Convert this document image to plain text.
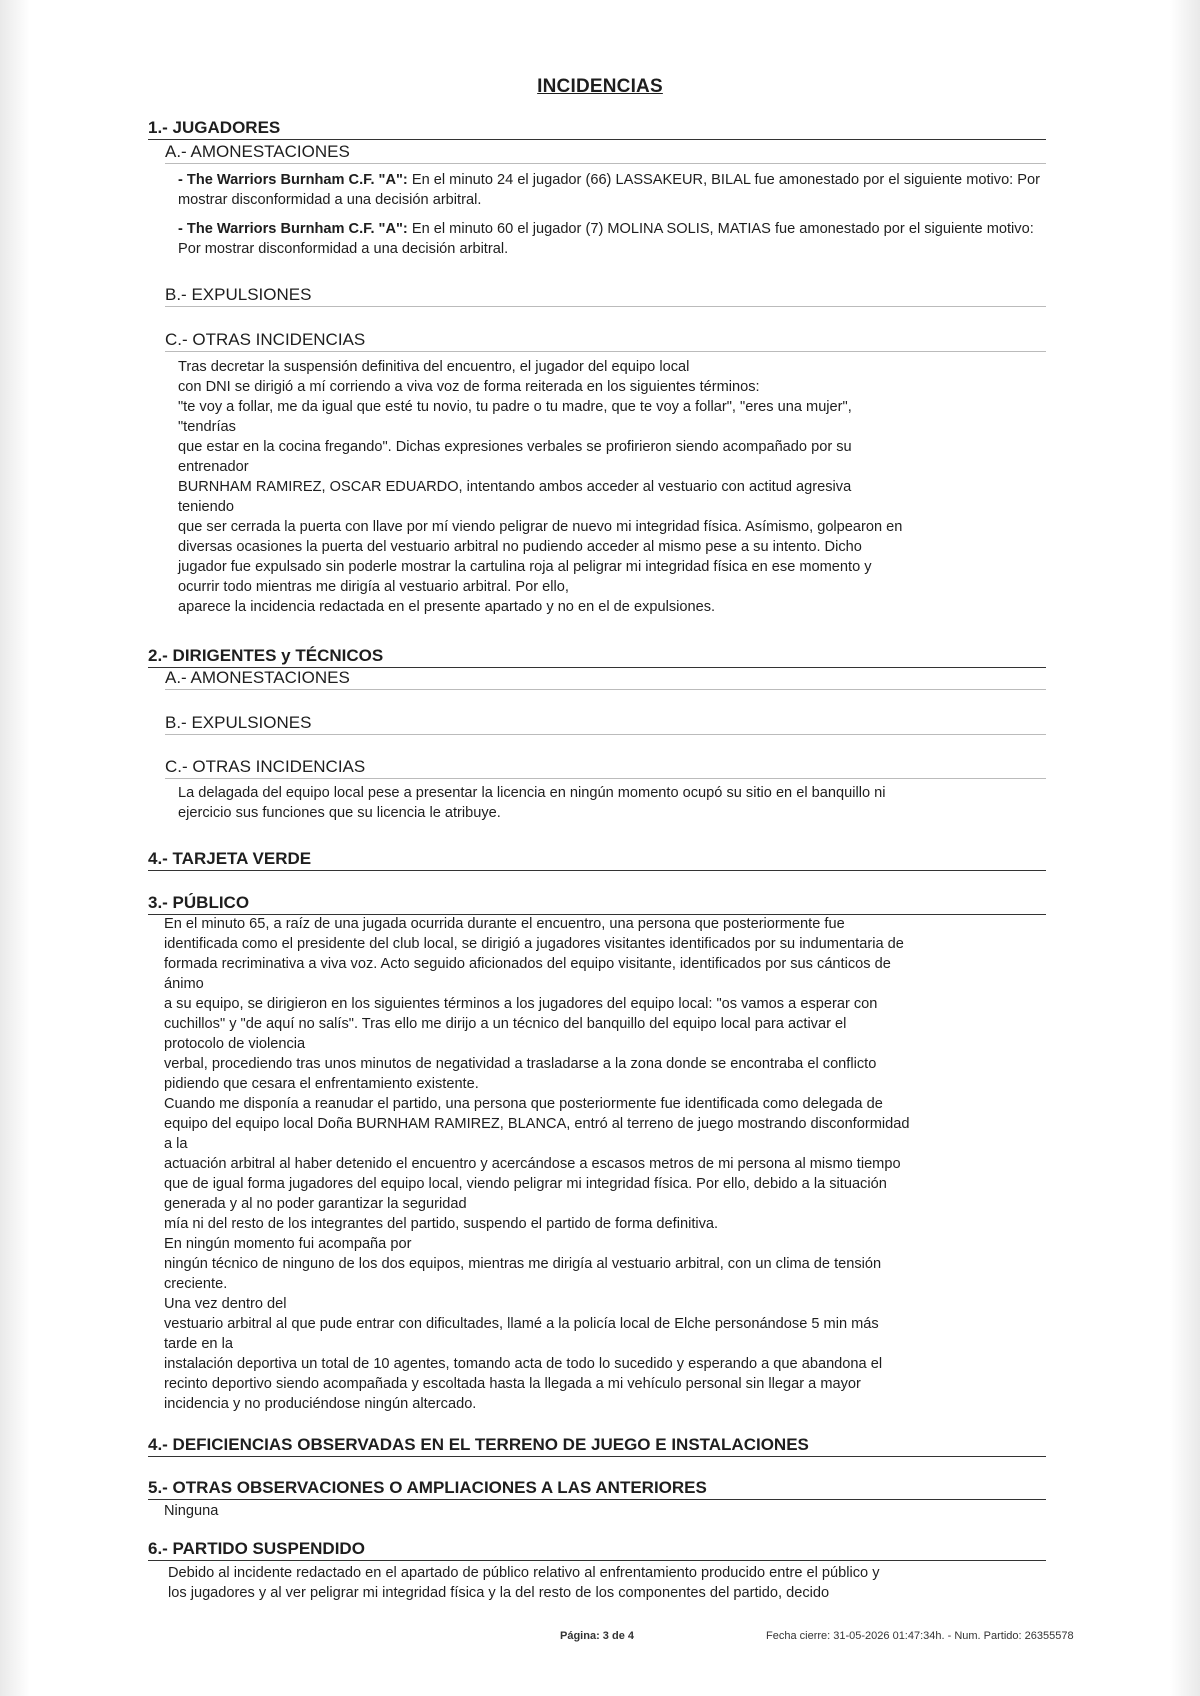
INCIDENCIAS
1.- JUGADORES
A.- AMONESTACIONES
- The Warriors Burnham C.F. "A": En el minuto 24 el jugador (66) LASSAKEUR, BILAL fue amonestado por el siguiente motivo: Por mostrar disconformidad a una decisión arbitral.
- The Warriors Burnham C.F. "A": En el minuto 60 el jugador (7) MOLINA SOLIS, MATIAS fue amonestado por el siguiente motivo: Por mostrar disconformidad a una decisión arbitral.
B.- EXPULSIONES
C.- OTRAS INCIDENCIAS
Tras decretar la suspensión definitiva del encuentro, el jugador del equipo local
con DNI se dirigió a mí corriendo a viva voz de forma reiterada en los siguientes términos:
"te voy a follar, me da igual que esté tu novio, tu padre o tu madre, que te voy a follar", "eres una mujer",
"tendrías
que estar en la cocina fregando". Dichas expresiones verbales se profirieron siendo acompañado por su
entrenador
BURNHAM RAMIREZ, OSCAR EDUARDO, intentando ambos acceder al vestuario con actitud agresiva
teniendo
que ser cerrada la puerta con llave por mí viendo peligrar de nuevo mi integridad física. Asímismo, golpearon en
diversas ocasiones la puerta del vestuario arbitral no pudiendo acceder al mismo pese a su intento. Dicho
jugador fue expulsado sin poderle mostrar la cartulina roja al peligrar mi integridad física en ese momento y
ocurrir todo mientras me dirigía al vestuario arbitral. Por ello,
aparece la incidencia redactada en el presente apartado y no en el de expulsiones.
2.- DIRIGENTES y TÉCNICOS
A.- AMONESTACIONES
B.- EXPULSIONES
C.- OTRAS INCIDENCIAS
La delagada del equipo local pese a presentar la licencia en ningún momento ocupó su sitio en el banquillo ni
ejercicio sus funciones que su licencia le atribuye.
4.- TARJETA VERDE
3.- PÚBLICO
En el minuto 65, a raíz de una jugada ocurrida durante el encuentro, una persona que posteriormente fue
identificada como el presidente del club local, se dirigió a jugadores visitantes identificados por su indumentaria de
formada recriminativa a viva voz. Acto seguido aficionados del equipo visitante, identificados por sus cánticos de
ánimo
a su equipo, se dirigieron en los siguientes términos a los jugadores del equipo local: "os vamos a esperar con
cuchillos" y "de aquí no salís". Tras ello me dirijo a un técnico del banquillo del equipo local para activar el
protocolo de violencia
verbal, procediendo tras unos minutos de negatividad a trasladarse a la zona donde se encontraba el conflicto
pidiendo que cesara el enfrentamiento existente.
Cuando me disponía a reanudar el partido, una persona que posteriormente fue identificada como delegada de
equipo del equipo local Doña BURNHAM RAMIREZ, BLANCA, entró al terreno de juego mostrando disconformidad
a la
actuación arbitral al haber detenido el encuentro y acercándose a escasos metros de mi persona al mismo tiempo
que de igual forma jugadores del equipo local, viendo peligrar mi integridad física. Por ello, debido a la situación
generada y al no poder garantizar la seguridad
mía ni del resto de los integrantes del partido, suspendo el partido de forma definitiva.
En ningún momento fui acompaña por
ningún técnico de ninguno de los dos equipos, mientras me dirigía al vestuario arbitral, con un clima de tensión
creciente.
Una vez dentro del
vestuario arbitral al que pude entrar con dificultades, llamé a la policía local de Elche personándose 5 min más
tarde en la
instalación deportiva un total de 10 agentes, tomando acta de todo lo sucedido y esperando a que abandona el
recinto deportivo siendo acompañada y escoltada hasta la llegada a mi vehículo personal sin llegar a mayor
incidencia y no produciéndose ningún altercado.
4.- DEFICIENCIAS OBSERVADAS EN EL TERRENO DE JUEGO E INSTALACIONES
5.- OTRAS OBSERVACIONES O AMPLIACIONES A LAS ANTERIORES
Ninguna
6.- PARTIDO SUSPENDIDO
Debido al incidente redactado en el apartado de público relativo al enfrentamiento producido entre el público y
los jugadores y al ver peligrar mi integridad física y la del resto de los componentes del partido, decido
Página: 3 de 4	Fecha cierre: 31-05-2026 01:47:34h. - Num. Partido: 26355578
